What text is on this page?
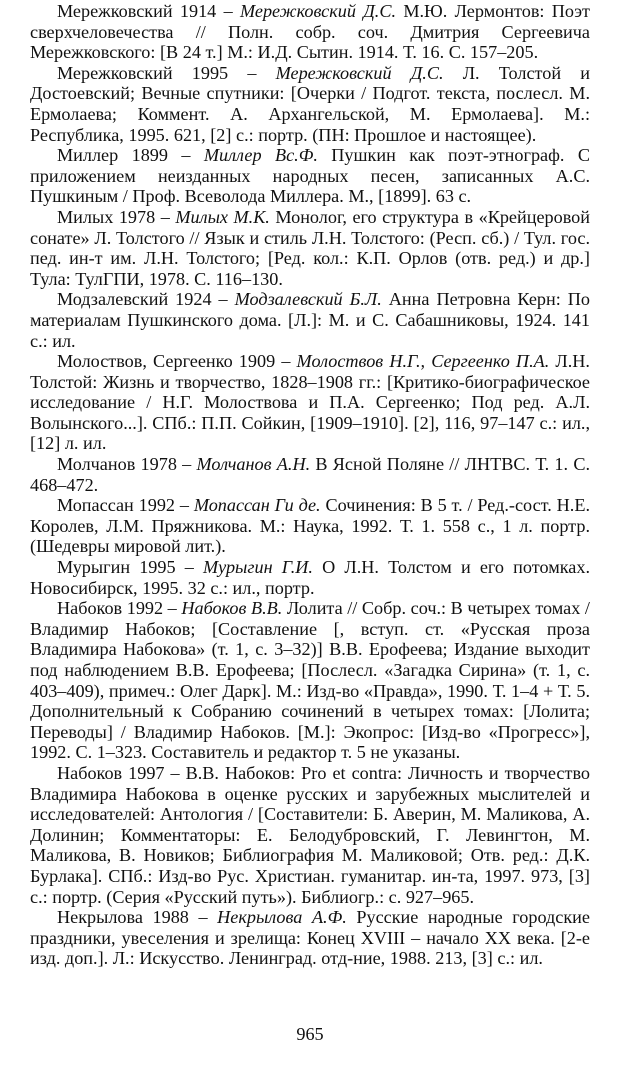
Мережковский 1914 – Мережковский Д.С. М.Ю. Лермонтов: Поэт сверхчеловечества // Полн. собр. соч. Дмитрия Сергеевича Мережковского: [В 24 т.] М.: И.Д. Сытин. 1914. Т. 16. С. 157–205.

Мережковский 1995 – Мережковский Д.С. Л. Толстой и Достоевский; Вечные спутники: [Очерки / Подгот. текста, послесл. М. Ермолаева; Коммент. А. Архангельской, М. Ермолаева]. М.: Республика, 1995. 621, [2] с.: портр. (ПН: Прошлое и настоящее).

Миллер 1899 – Миллер Вс.Ф. Пушкин как поэт-этнограф. С приложением неизданных народных песен, записанных А.С. Пушкиным / Проф. Всеволода Миллера. М., [1899]. 63 с.

Милых 1978 – Милых М.К. Монолог, его структура в «Крейцеровой сонате» Л. Толстого // Язык и стиль Л.Н. Толстого: (Респ. сб.) / Тул. гос. пед. ин-т им. Л.Н. Толстого; [Ред. кол.: К.П. Орлов (отв. ред.) и др.] Тула: ТулГПИ, 1978. С. 116–130.

Модзалевский 1924 – Модзалевский Б.Л. Анна Петровна Керн: По материалам Пушкинского дома. [Л.]: М. и С. Сабашниковы, 1924. 141 с.: ил.

Молоствов, Сергеенко 1909 – Молоствов Н.Г., Сергеенко П.А. Л.Н. Толстой: Жизнь и творчество, 1828–1908 гг.: [Критико-биографическое исследование / Н.Г. Молоствова и П.А. Сергеенко; Под ред. А.Л. Волынского...]. СПб.: П.П. Сойкин, [1909–1910]. [2], 116, 97–147 с.: ил., [12] л. ил.

Молчанов 1978 – Молчанов А.Н. В Ясной Поляне // ЛНТВС. Т. 1. С. 468–472.

Мопассан 1992 – Мопассан Ги де. Сочинения: В 5 т. / Ред.-сост. Н.Е. Королев, Л.М. Пряжникова. М.: Наука, 1992. Т. 1. 558 с., 1 л. портр. (Шедевры мировой лит.).

Мурыгин 1995 – Мурыгин Г.И. О Л.Н. Толстом и его потомках. Новосибирск, 1995. 32 с.: ил., портр.

Набоков 1992 – Набоков В.В. Лолита // Собр. соч.: В четырех томах / Владимир Набоков; [Составление [, вступ. ст. «Русская проза Владимира Набокова» (т. 1, с. 3–32)] В.В. Ерофеева; Издание выходит под наблюдением В.В. Ерофеева; [Послесл. «Загадка Сирина» (т. 1, с. 403–409), примеч.: Олег Дарк]. М.: Изд-во «Правда», 1990. Т. 1–4 + Т. 5. Дополнительный к Собранию сочинений в четырех томах: [Лолита; Переводы] / Владимир Набоков. [М.]: Экопрос: [Изд-во «Прогресс»], 1992. С. 1–323. Составитель и редактор т. 5 не указаны.

Набоков 1997 – В.В. Набоков: Pro et contra: Личность и творчество Владимира Набокова в оценке русских и зарубежных мыслителей и исследователей: Антология / [Составители: Б. Аверин, М. Маликова, А. Долинин; Комментаторы: Е. Белодубровский, Г. Левингтон, М. Маликова, В. Новиков; Библиография М. Маликовой; Отв. ред.: Д.К. Бурлака]. СПб.: Изд-во Рус. Христиан. гуманитар. ин-та, 1997. 973, [3] с.: портр. (Серия «Русский путь»). Библиогр.: с. 927–965.

Некрылова 1988 – Некрылова А.Ф. Русские народные городские праздники, увеселения и зрелища: Конец XVIII – начало XX века. [2-е изд. доп.]. Л.: Искусство. Ленинград. отд-ние, 1988. 213, [3] с.: ил.

965
